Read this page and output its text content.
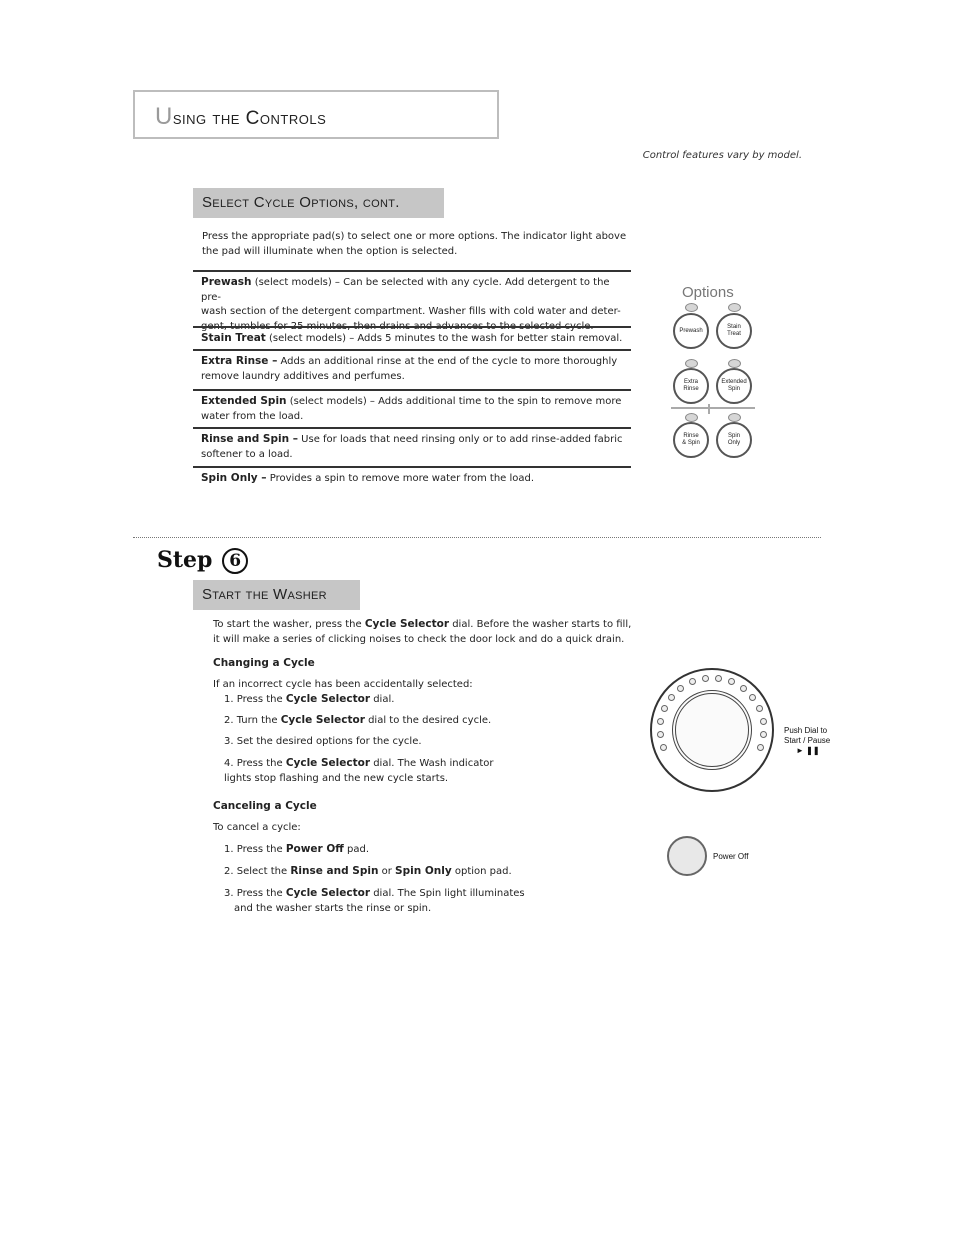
Using the Controls
Control features vary by model.
Select Cycle Options, cont.
Press the appropriate pad(s) to select one or more options. The indicator light above
the pad will illuminate when the option is selected.
Prewash (select models) – Can be selected with any cycle. Add detergent to the pre-
wash section of the detergent compartment. Washer fills with cold water and deter-
gent, tumbles for 25 minutes, then drains and advances to the selected cycle.
Stain Treat (select models) – Adds 5 minutes to the wash for better stain removal.
Extra Rinse – Adds an additional rinse at the end of the cycle to more thoroughly
remove laundry additives and perfumes.
Extended Spin (select models) – Adds additional time to the spin to remove more
water from the load.
Rinse and Spin – Use for loads that need rinsing only or to add rinse-added fabric
softener to a load.
Spin Only – Provides a spin to remove more water from the load.
Options
Prewash
Stain
Treat
Extra
Rinse
Extended
Spin
Rinse
& Spin
Spin
Only
Step 6
Start the Washer
To start the washer, press the Cycle Selector dial. Before the washer starts to fill,
it will make a series of clicking noises to check the door lock and do a quick drain.
Changing a Cycle
If an incorrect cycle has been accidentally selected:
1. Press the Cycle Selector dial.
2. Turn the Cycle Selector dial to the desired cycle.
3. Set the desired options for the cycle.
4. Press the Cycle Selector dial. The Wash indicator
lights stop flashing and the new cycle starts.
Canceling a Cycle
To cancel a cycle:
1. Press the Power Off pad.
2. Select the Rinse and Spin or Spin Only option pad.
3. Press the Cycle Selector dial. The Spin light illuminates
and the washer starts the rinse or spin.
Push Dial to
Start / Pause
► ❚❚
Power Off
